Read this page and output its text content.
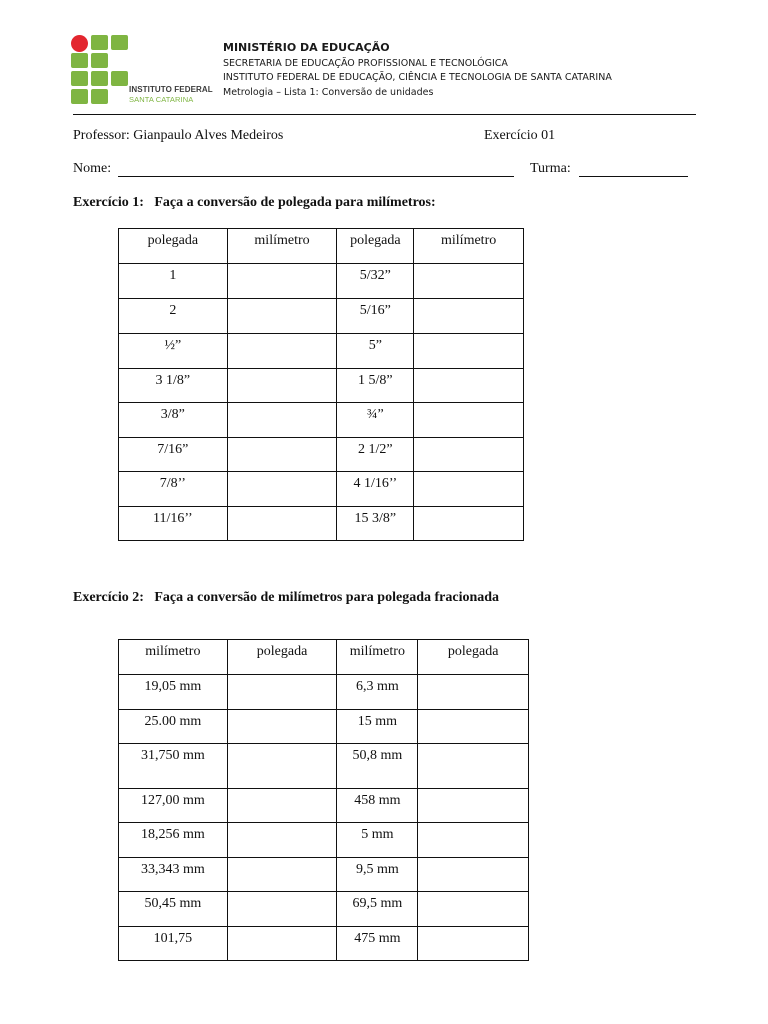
INSTITUTO FEDERAL
SANTA CATARINA
MINISTÉRIO DA EDUCAÇÃO
SECRETARIA DE EDUCAÇÃO PROFISSIONAL E TECNOLÓGICA
INSTITUTO FEDERAL DE EDUCAÇÃO, CIÊNCIA E TECNOLOGIA DE SANTA CATARINA
Metrologia – Lista 1: Conversão de unidades
Professor: Gianpaulo Alves Medeiros	Exercício 01
Nome:	Turma:
Exercício 1:   Faça a conversão de polegada para milímetros:
polegada	milímetro	polegada	milímetro
1		5/32”	
2		5/16”	
½”		5”	
3 1/8”		1 5/8”	
3/8”		¾”	
7/16”		2 1/2”	
7/8’’		4 1/16’’	
11/16’’		15 3/8”	
Exercício 2:   Faça a conversão de milímetros para polegada fracionada
milímetro	polegada	milímetro	polegada
19,05 mm		6,3 mm	
25.00 mm		15 mm	
31,750 mm		50,8 mm	
127,00 mm		458 mm	
18,256 mm		5 mm	
33,343 mm		9,5 mm	
50,45 mm		69,5 mm	
101,75		475 mm	
